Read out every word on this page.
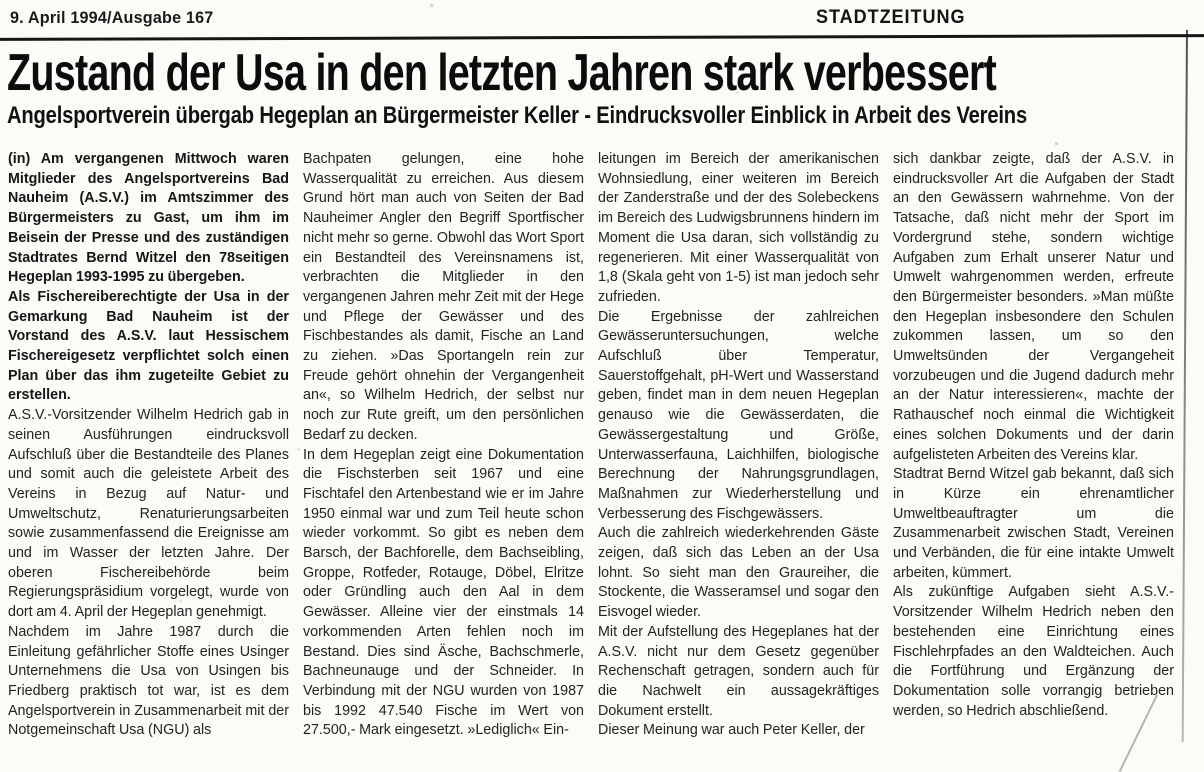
9. April 1994/Ausgabe 167	STADTZEITUNG
Zustand der Usa in den letzten Jahren stark verbessert
Angelsportverein übergab Hegeplan an Bürgermeister Keller - Eindrucksvoller Einblick in Arbeit des Vereins

(in) Am vergangenen Mittwoch waren Mitglieder des Angelsportvereins Bad Nauheim (A.S.V.) im Amtszimmer des Bürgermeisters zu Gast, um ihm im Beisein der Presse und des zuständigen Stadtrates Bernd Witzel den 78seitigen Hegeplan 1993-1995 zu übergeben.

Als Fischereiberechtigte der Usa in der Gemarkung Bad Nauheim ist der Vorstand des A.S.V. laut Hessischem Fischereigesetz verpflichtet solch einen Plan über das ihm zugeteilte Gebiet zu erstellen.

A.S.V.-Vorsitzender Wilhelm Hedrich gab in seinen Ausführungen eindrucksvoll Aufschluß über die Bestandteile des Planes und somit auch die geleistete Arbeit des Vereins in Bezug auf Natur- und Umweltschutz, Renaturierungsarbeiten sowie zusammenfassend die Ereignisse am und im Wasser der letzten Jahre. Der oberen Fischereibehörde beim Regierungspräsidium vorgelegt, wurde von dort am 4. April der Hegeplan genehmigt.

Nachdem im Jahre 1987 durch die Einleitung gefährlicher Stoffe eines Usinger Unternehmens die Usa von Usingen bis Friedberg praktisch tot war, ist es dem Angelsportverein in Zusammenarbeit mit der Notgemeinschaft Usa (NGU) als

Bachpaten gelungen, eine hohe Wasserqualität zu erreichen. Aus diesem Grund hört man auch von Seiten der Bad Nauheimer Angler den Begriff Sportfischer nicht mehr so gerne. Obwohl das Wort Sport ein Bestandteil des Vereinsnamens ist, verbrachten die Mitglieder in den vergangenen Jahren mehr Zeit mit der Hege und Pflege der Gewässer und des Fischbestandes als damit, Fische an Land zu ziehen. »Das Sportangeln rein zur Freude gehört ohnehin der Vergangenheit an«, so Wilhelm Hedrich, der selbst nur noch zur Rute greift, um den persönlichen Bedarf zu decken.

In dem Hegeplan zeigt eine Dokumentation die Fischsterben seit 1967 und eine Fischtafel den Artenbestand wie er im Jahre 1950 einmal war und zum Teil heute schon wieder vorkommt. So gibt es neben dem Barsch, der Bachforelle, dem Bachseibling, Groppe, Rotfeder, Rotauge, Döbel, Elritze oder Gründling auch den Aal in dem Gewässer. Alleine vier der einstmals 14 vorkommenden Arten fehlen noch im Bestand. Dies sind Äsche, Bachschmerle, Bachneunauge und der Schneider. In Verbindung mit der NGU wurden von 1987 bis 1992 47.540 Fische im Wert von 27.500,- Mark eingesetzt. »Lediglich« Ein-

leitungen im Bereich der amerikanischen Wohnsiedlung, einer weiteren im Bereich der Zanderstraße und der des Solebeckens im Bereich des Ludwigsbrunnens hindern im Moment die Usa daran, sich vollständig zu regenerieren. Mit einer Wasserqualität von 1,8 (Skala geht von 1-5) ist man jedoch sehr zufrieden.

Die Ergebnisse der zahlreichen Gewässeruntersuchungen, welche Aufschluß über Temperatur, Sauerstoffgehalt, pH-Wert und Wasserstand geben, findet man in dem neuen Hegeplan genauso wie die Gewässerdaten, die Gewässergestaltung und Größe, Unterwasserfauna, Laichhilfen, biologische Berechnung der Nahrungsgrundlagen, Maßnahmen zur Wiederherstellung und Verbesserung des Fischgewässers.

Auch die zahlreich wiederkehrenden Gäste zeigen, daß sich das Leben an der Usa lohnt. So sieht man den Graureiher, die Stockente, die Wasseramsel und sogar den Eisvogel wieder.

Mit der Aufstellung des Hegeplanes hat der A.S.V. nicht nur dem Gesetz gegenüber Rechenschaft getragen, sondern auch für die Nachwelt ein aussagekräftiges Dokument erstellt.

Dieser Meinung war auch Peter Keller, der

sich dankbar zeigte, daß der A.S.V. in eindrucksvoller Art die Aufgaben der Stadt an den Gewässern wahrnehme. Von der Tatsache, daß nicht mehr der Sport im Vordergrund stehe, sondern wichtige Aufgaben zum Erhalt unserer Natur und Umwelt wahrgenommen werden, erfreute den Bürgermeister besonders. »Man müßte den Hegeplan insbesondere den Schulen zukommen lassen, um so den Umweltsünden der Vergangeheit vorzubeugen und die Jugend dadurch mehr an der Natur interessieren«, machte der Rathauschef noch einmal die Wichtigkeit eines solchen Dokuments und der darin aufgelisteten Arbeiten des Vereins klar.

Stadtrat Bernd Witzel gab bekannt, daß sich in Kürze ein ehrenamtlicher Umweltbeauftragter um die Zusammenarbeit zwischen Stadt, Vereinen und Verbänden, die für eine intakte Umwelt arbeiten, kümmert.

Als zukünftige Aufgaben sieht A.S.V.-Vorsitzender Wilhelm Hedrich neben den bestehenden eine Einrichtung eines Fischlehrpfades an den Waldteichen. Auch die Fortführung und Ergänzung der Dokumentation solle vorrangig betrieben werden, so Hedrich abschließend.
